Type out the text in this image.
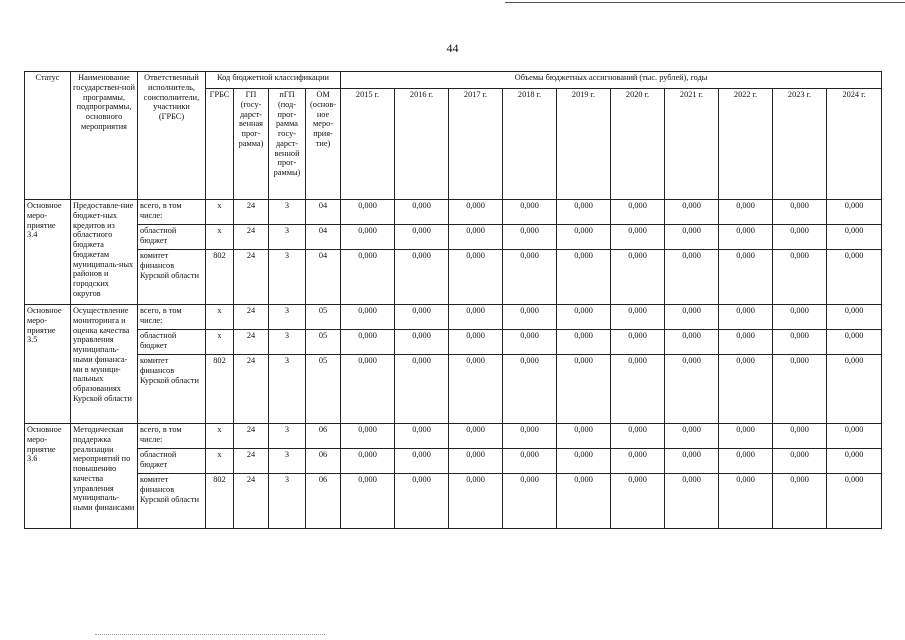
44
Статус	Наименование государствен-ной программы, подпрограммы, основного мероприятия	Ответственный исполнитель, соисполнители, участники (ГРБС)	Код бюджетной классификации				Объемы бюджетных ассигнований (тыс. рублей), годы									
			ГРБС	ГП (госу-дарст-венная прог-рамма)	пГП (под-прог-рамма госу-дарст-венной прог-раммы)	ОМ (основ-ное меро-прия-тие)	2015 г.	2016 г.	2017 г.	2018 г.	2019 г.	2020 г.	2021 г.	2022 г.	2023 г.	2024 г.
Основное меро-приятие 3.4	Предоставле-ние бюджет-ных кредитов из областного бюджета бюджетам муниципаль-ных районов и городских округов	всего, в том числе:	х	24	3	04	0,000	0,000	0,000	0,000	0,000	0,000	0,000	0,000	0,000	0,000
		областной бюджет	х	24	3	04	0,000	0,000	0,000	0,000	0,000	0,000	0,000	0,000	0,000	0,000
		комитет финансов Курской области	802	24	3	04	0,000	0,000	0,000	0,000	0,000	0,000	0,000	0,000	0,000	0,000
Основное меро-приятие 3.5	Осуществление мониторинга и оценка качества управления муниципаль-ными финанса-ми в муници-пальных образованиях Курской области	всего, в том числе:	х	24	3	05	0,000	0,000	0,000	0,000	0,000	0,000	0,000	0,000	0,000	0,000
		областной бюджет	х	24	3	05	0,000	0,000	0,000	0,000	0,000	0,000	0,000	0,000	0,000	0,000
		комитет финансов Курской области	802	24	3	05	0,000	0,000	0,000	0,000	0,000	0,000	0,000	0,000	0,000	0,000
Основное меро-приятие 3.6	Методическая поддержка реализации мероприятий по повышению качества управления муниципаль-ными финансами	всего, в том числе:	х	24	3	06	0,000	0,000	0,000	0,000	0,000	0,000	0,000	0,000	0,000	0,000
		областной бюджет	х	24	3	06	0,000	0,000	0,000	0,000	0,000	0,000	0,000	0,000	0,000	0,000
		комитет финансов Курской области	802	24	3	06	0,000	0,000	0,000	0,000	0,000	0,000	0,000	0,000	0,000	0,000
